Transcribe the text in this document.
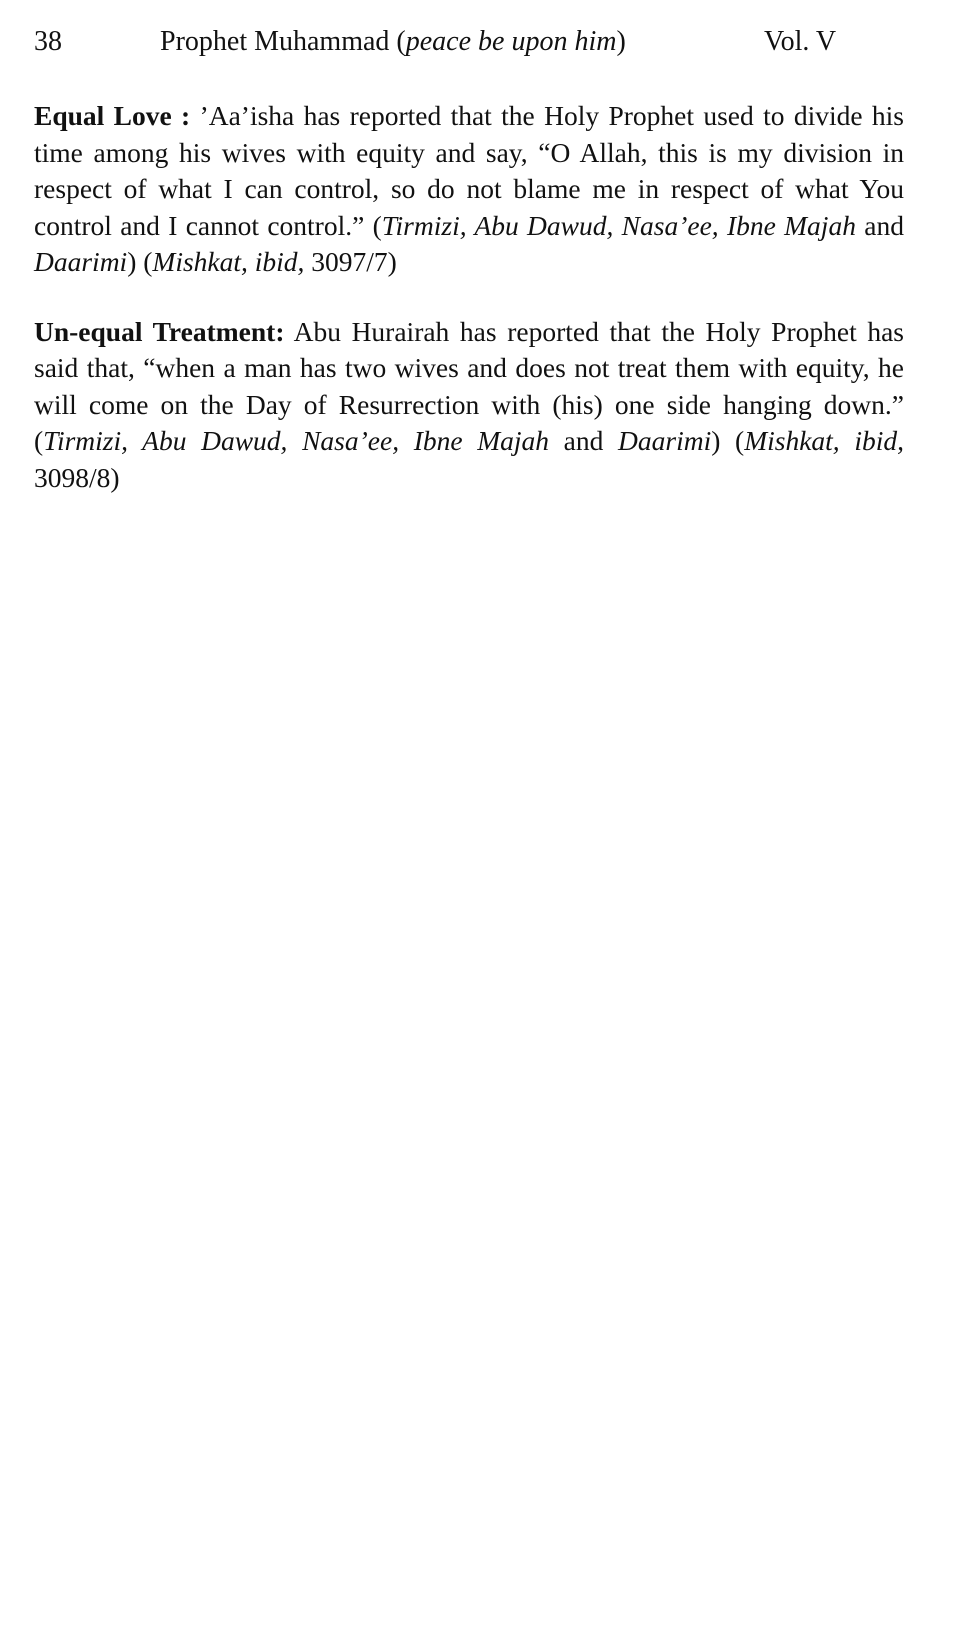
38	Prophet Muhammad (peace be upon him)	Vol. V

Equal Love : ’Aa’isha has reported that the Holy Prophet used to divide his time among his wives with equity and say, “O Allah, this is my division in respect of what I can control, so do not blame me in respect of what You control and I cannot control.” (Tirmizi, Abu Dawud, Nasa’ee, Ibne Majah and Daarimi) (Mishkat, ibid, 3097/7)

Un-equal Treatment: Abu Hurairah has reported that the Holy Prophet has said that, “when a man has two wives and does not treat them with equity, he will come on the Day of Resurrection with (his) one side hanging down.” (Tirmizi, Abu Dawud, Nasa’ee, Ibne Majah and Daarimi) (Mishkat, ibid, 3098/8)
